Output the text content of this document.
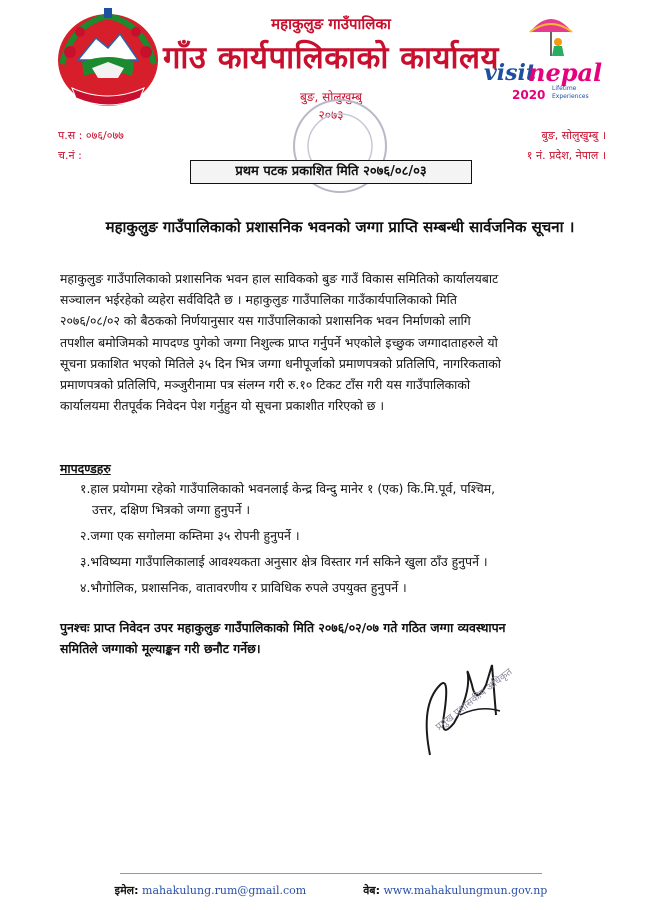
महाकुलुङ गाउँपालिका
गाँउ कार्यपालिकाको कार्यालय
बुङ, सोलुखुम्बु
२०७३
visit
nepal
2020 Lifetime
Experiences
प.स : ०७६/०७७
च.नं :
बुङ, सोलुखुम्बु ।
१ नं. प्रदेश, नेपाल ।
प्रथम पटक प्रकाशित मिति २०७६/०८/०३
महाकुलुङ गाउँपालिकाको प्रशासनिक भवनको जग्गा प्राप्ति सम्बन्धी सार्वजनिक सूचना ।
महाकुलुङ गाउँपालिकाको प्रशासनिक भवन हाल साविकको बुङ गाउँ विकास समितिको कार्यालयबाट
सञ्चालन भईरहेको व्यहेरा सर्वविदितै छ । महाकुलुङ गाउँपालिका गाउँकार्यपालिकाको मिति
२०७६/०८/०२ को बैठकको निर्णयानुसार यस गाउँपालिकाको प्रशासनिक भवन निर्माणको लागि
तपशील बमोजिमको मापदण्ड पुगेको जग्गा निशुल्क प्राप्त गर्नुपर्ने भएकोले इच्छुक जग्गादाताहरुले यो
सूचना प्रकाशित भएको मितिले ३५ दिन भित्र जग्गा धनीपूर्जाको प्रमाणपत्रको प्रतिलिपि, नागरिकताको
प्रमाणपत्रको प्रतिलिपि, मञ्जुरीनामा पत्र संलग्न गरी रु.१० टिकट टाँस गरी यस गाउँपालिकाको
कार्यालयमा रीतपूर्वक निवेदन पेश गर्नुहुन यो सूचना प्रकाशीत गरिएको छ ।
मापदण्डहरु
१.हाल प्रयोगमा रहेको गाउँपालिकाको भवनलाई केन्द्र विन्दु मानेर १ (एक) कि.मि.पूर्व, पश्चिम,
उत्तर, दक्षिण भित्रको जग्गा हुनुपर्ने ।
२.जग्गा एक सगोलमा कम्तिमा ३५ रोपनी हुनुपर्ने ।
३.भविष्यमा गाउँपालिकालाई आवश्यकता अनुसार क्षेत्र विस्तार गर्न सकिने खुला ठाँउ हुनुपर्ने ।
४.भौगोलिक, प्रशासनिक, वातावरणीय र प्राविधिक रुपले उपयुक्त हुनुपर्ने ।
पुनश्चः प्राप्त निवेदन उपर महाकुलुङ गाउँपालिकाको मिति २०७६/०२/०७ गते गठित जग्गा व्यवस्थापन
समितिले जग्गाको मूल्याङ्कन गरी छनौट गर्नेछ।
प्रमुख प्रशासकीय अधिकृत
इमेल: mahakulung.rum@gmail.com	वेब: www.mahakulungmun.gov.np
